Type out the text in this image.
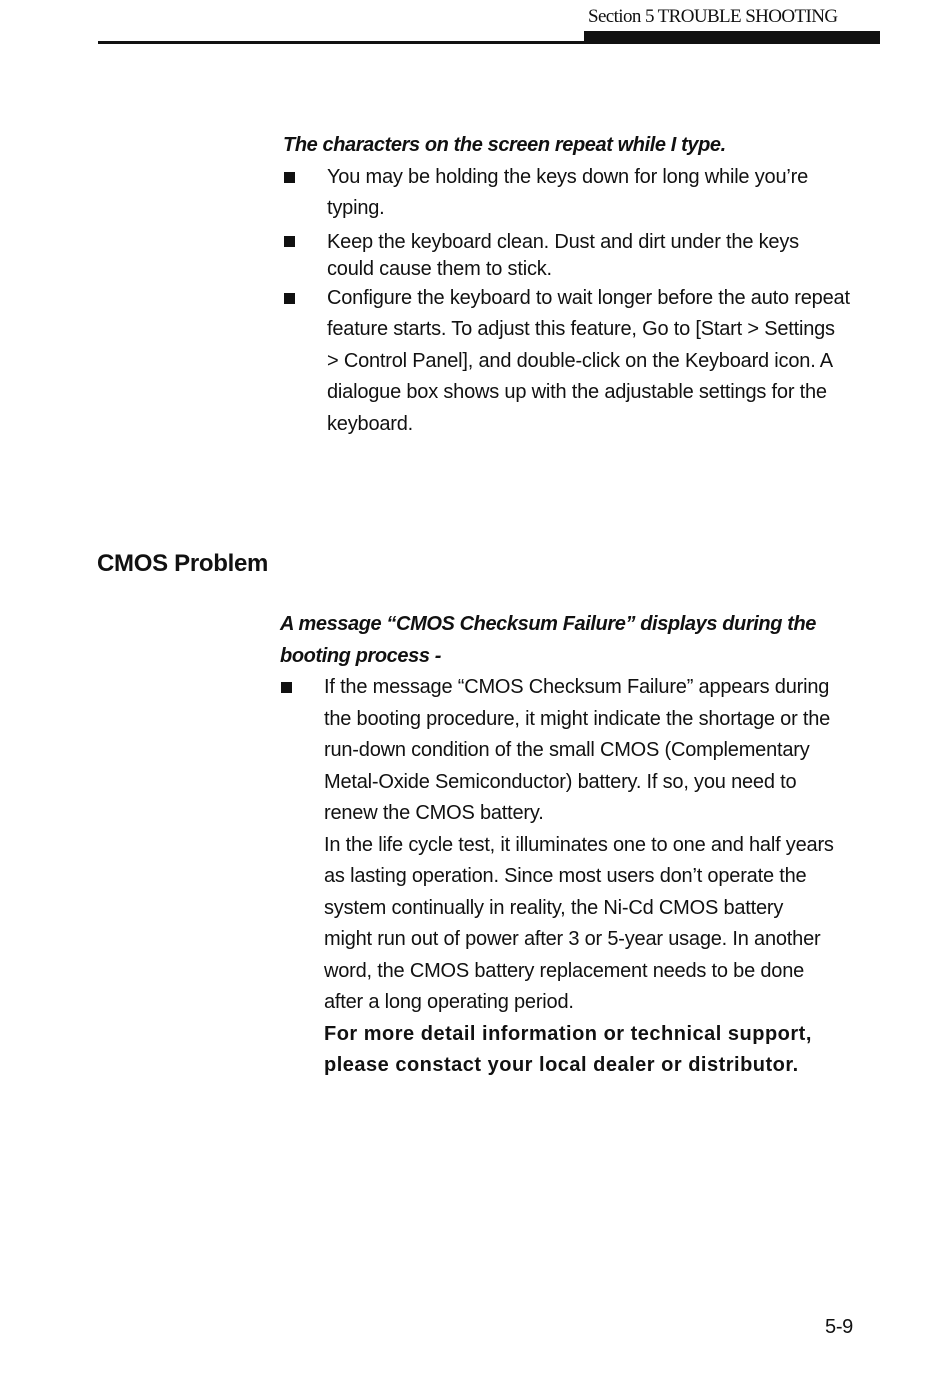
Section 5 TROUBLE SHOOTING
The characters on the screen repeat while I type.
You may be holding the keys down for long while you’re
typing.
Keep the keyboard clean. Dust and dirt under the keys
could cause them to stick.
Configure the keyboard to wait longer before the auto repeat
feature starts. To adjust this feature, Go to [Start > Settings
> Control Panel], and double-click on the Keyboard icon. A
dialogue box shows up with the adjustable settings for the
keyboard.
CMOS Problem
A message “CMOS Checksum Failure” displays during the
booting process -
If the message “CMOS Checksum Failure” appears during
the booting procedure, it might indicate the shortage or the
run-down condition of the small CMOS (Complementary
Metal-Oxide Semiconductor) battery. If so, you need to
renew the CMOS battery.
In the life cycle test, it illuminates one to one and half years
as lasting operation. Since most users don’t operate the
system continually in reality, the Ni-Cd CMOS battery
might run out of power after 3 or 5-year usage. In another
word, the CMOS battery replacement needs to be done
after a long operating period.
For more detail information or technical support,
please constact your local dealer or distributor.
5-9
